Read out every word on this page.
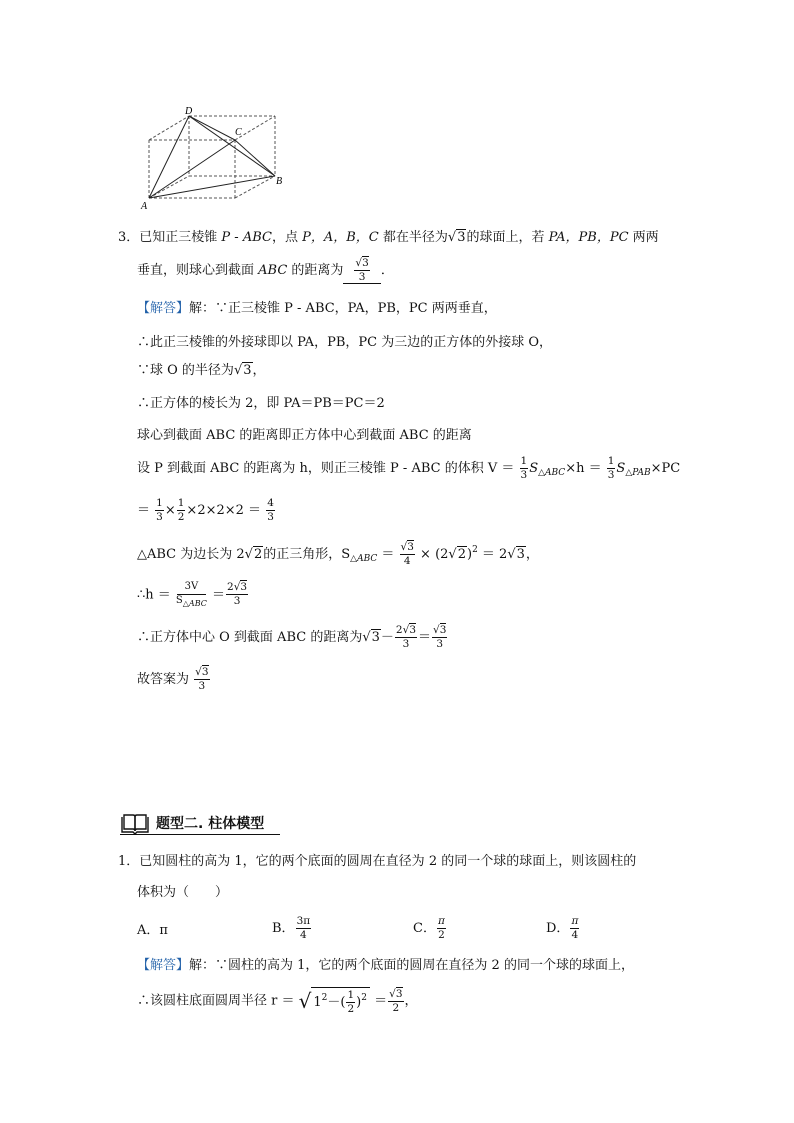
D
C
B
A
3．已知正三棱锥 P - ABC，点 P，A，B，C 都在半径为√3的球面上，若 PA，PB，PC 两两
垂直，则球心到截面 ABC 的距离为 $\frac{√3}{3}$ ．
【解答】解：∵正三棱锥 P - ABC，PA，PB，PC 两两垂直，
∴此正三棱锥的外接球即以 PA，PB，PC 为三边的正方体的外接球 O，
∵球 O 的半径为√3，
∴正方体的棱长为 2，即 PA＝PB＝PC＝2
球心到截面 ABC 的距离即正方体中心到截面 ABC 的距离
设 P 到截面 ABC 的距离为 h，则正三棱锥 P - ABC 的体积 $V = \frac{1}{3} S_{\triangle ABC}\times h = \frac{1}{3} S_{\triangle PAB}\times PC$
＝ $\frac{1}{3} \times \frac{1}{2} \times 2\times 2\times 2 = \frac{4}{3}$
△ABC 为边长为 2√2的正三角形，$S_{\triangle ABC} = \frac{√3}{4} \times (2√2)^2 = 2√3$，
∴h ＝ $\frac{3V}{S_{\triangle ABC}} = \frac{2√3}{3}$
∴正方体中心 O 到截面 ABC 的距离为$√3- \frac{2√3}{3} = \frac{√3}{3}$
故答案为 $\frac{√3}{3}$
题型二. 柱体模型
1．已知圆柱的高为 1，它的两个底面的圆周在直径为 2 的同一个球的球面上，则该圆柱的
体积为（　　）
A．π	B． $\frac{3\pi}{4}$	C． $\frac{\pi}{2}$	D． $\frac{\pi}{4}$
【解答】解：∵圆柱的高为 1，它的两个底面的圆周在直径为 2 的同一个球的球面上，
∴该圆柱底面圆周半径 r ＝ √ $1^2-( \frac{1}{2} )^2 = \frac{√3}{2}$ ，
